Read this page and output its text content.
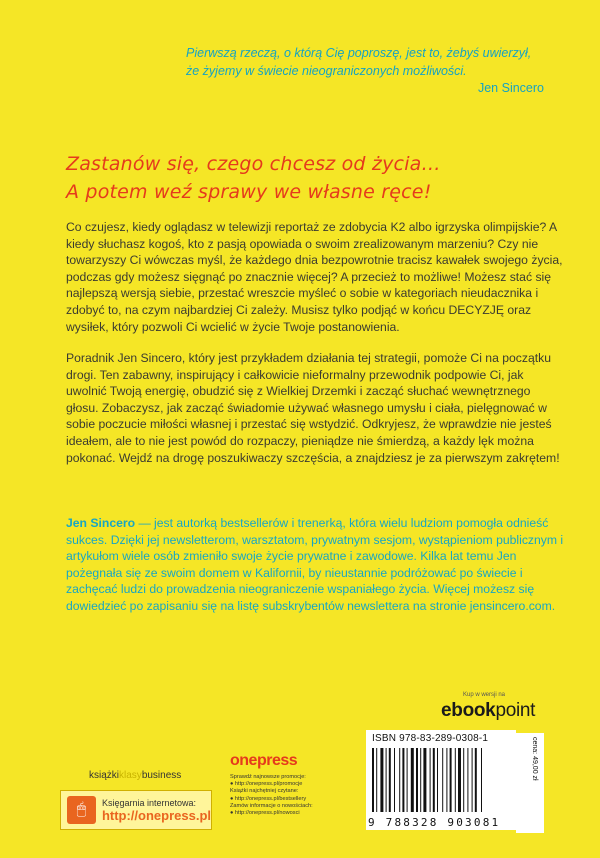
Pierwszą rzeczą, o którą Cię poproszę, jest to, żebyś uwierzył,
że żyjemy w świecie nieograniczonych możliwości.
Jen Sincero
Zastanów się, czego chcesz od życia…
A potem weź sprawy we własne ręce!
Co czujesz, kiedy oglądasz w telewizji reportaż ze zdobycia K2 albo igrzyska olimpijskie? A kiedy słuchasz kogoś, kto z pasją opowiada o swoim zrealizowanym marzeniu? Czy nie towarzyszy Ci wówczas myśl, że każdego dnia bezpowrotnie tracisz kawałek swojego życia, podczas gdy możesz sięgnąć po znacznie więcej? A przecież to możliwe! Możesz stać się najlepszą wersją siebie, przestać wreszcie myśleć o sobie w kategoriach nieudacznika i zdobyć to, na czym najbardziej Ci zależy. Musisz tylko podjąć w końcu DECYZJĘ oraz wysiłek, który pozwoli Ci wcielić w życie Twoje postanowienia.
Poradnik Jen Sincero, który jest przykładem działania tej strategii, pomoże Ci na początku drogi. Ten zabawny, inspirujący i całkowicie nieformalny przewodnik podpowie Ci, jak uwolnić Twoją energię, obudzić się z Wielkiej Drzemki i zacząć słuchać wewnętrznego głosu. Zobaczysz, jak zacząć świadomie używać własnego umysłu i ciała, pielęgnować w sobie poczucie miłości własnej i przestać się wstydzić. Odkryjesz, że wprawdzie nie jesteś ideałem, ale to nie jest powód do rozpaczy, pieniądze nie śmierdzą, a każdy lęk można pokonać. Wejdź na drogę poszukiwaczy szczęścia, a znajdziesz je za pierwszym zakrętem!
Jen Sincero — jest autorką bestsellerów i trenerką, która wielu ludziom pomogła odnieść sukces. Dzięki jej newsletterom, warsztatom, prywatnym sesjom, wystąpieniom publicznym i artykułom wiele osób zmieniło swoje życie prywatne i zawodowe. Kilka lat temu Jen pożegnała się ze swoim domem w Kalifornii, by nieustannie podróżować po świecie i zachęcać ludzi do prowadzenia nieograniczenie wspaniałego życia. Więcej możesz się dowiedzieć po zapisaniu się na listę subskrybentów newslettera na stronie jensincero.com.
Kup w wersji na
ebookpoint
onepress
Sprawdź najnowsze promocje:
● http://onepress.pl/promocje
Książki najchętniej czytane:
● http://onepress.pl/bestsellery
Zamów informacje o nowościach:
● http://onepress.pl/nowosci
książkiklasybusiness
🖱	Księgarnia internetowa:
http://onepress.pl
ISBN 978-83-289-0308-1
9 788328 903081
cena: 49,00 zł
